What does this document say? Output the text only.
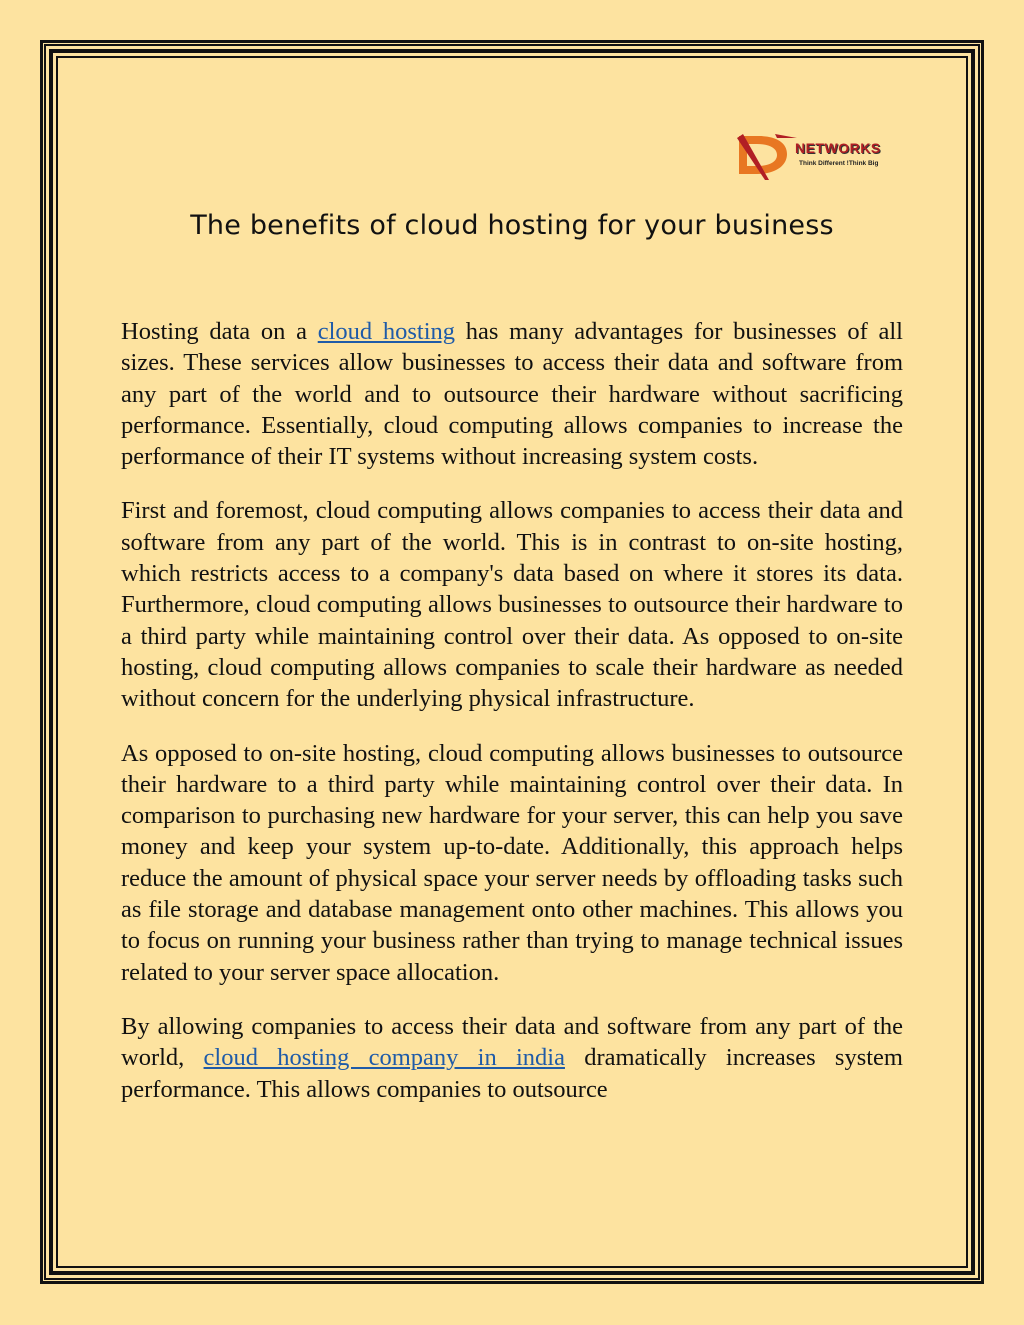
NETWORKS
Think Different !Think Big
The benefits of cloud hosting for your business

Hosting data on a cloud hosting has many advantages for businesses of all sizes. These services allow businesses to access their data and software from any part of the world and to outsource their hardware without sacrificing performance. Essentially, cloud computing allows companies to increase the performance of their IT systems without increasing system costs.

First and foremost, cloud computing allows companies to access their data and software from any part of the world. This is in contrast to on-site hosting, which restricts access to a company's data based on where it stores its data. Furthermore, cloud computing allows businesses to outsource their hardware to a third party while maintaining control over their data. As opposed to on-site hosting, cloud computing allows companies to scale their hardware as needed without concern for the underlying physical infrastructure.

As opposed to on-site hosting, cloud computing allows businesses to outsource their hardware to a third party while maintaining control over their data. In comparison to purchasing new hardware for your server, this can help you save money and keep your system up-to-date. Additionally, this approach helps reduce the amount of physical space your server needs by offloading tasks such as file storage and database management onto other machines. This allows you to focus on running your business rather than trying to manage technical issues related to your server space allocation.

By allowing companies to access their data and software from any part of the world, cloud hosting company in india dramatically increases system performance. This allows companies to outsource
